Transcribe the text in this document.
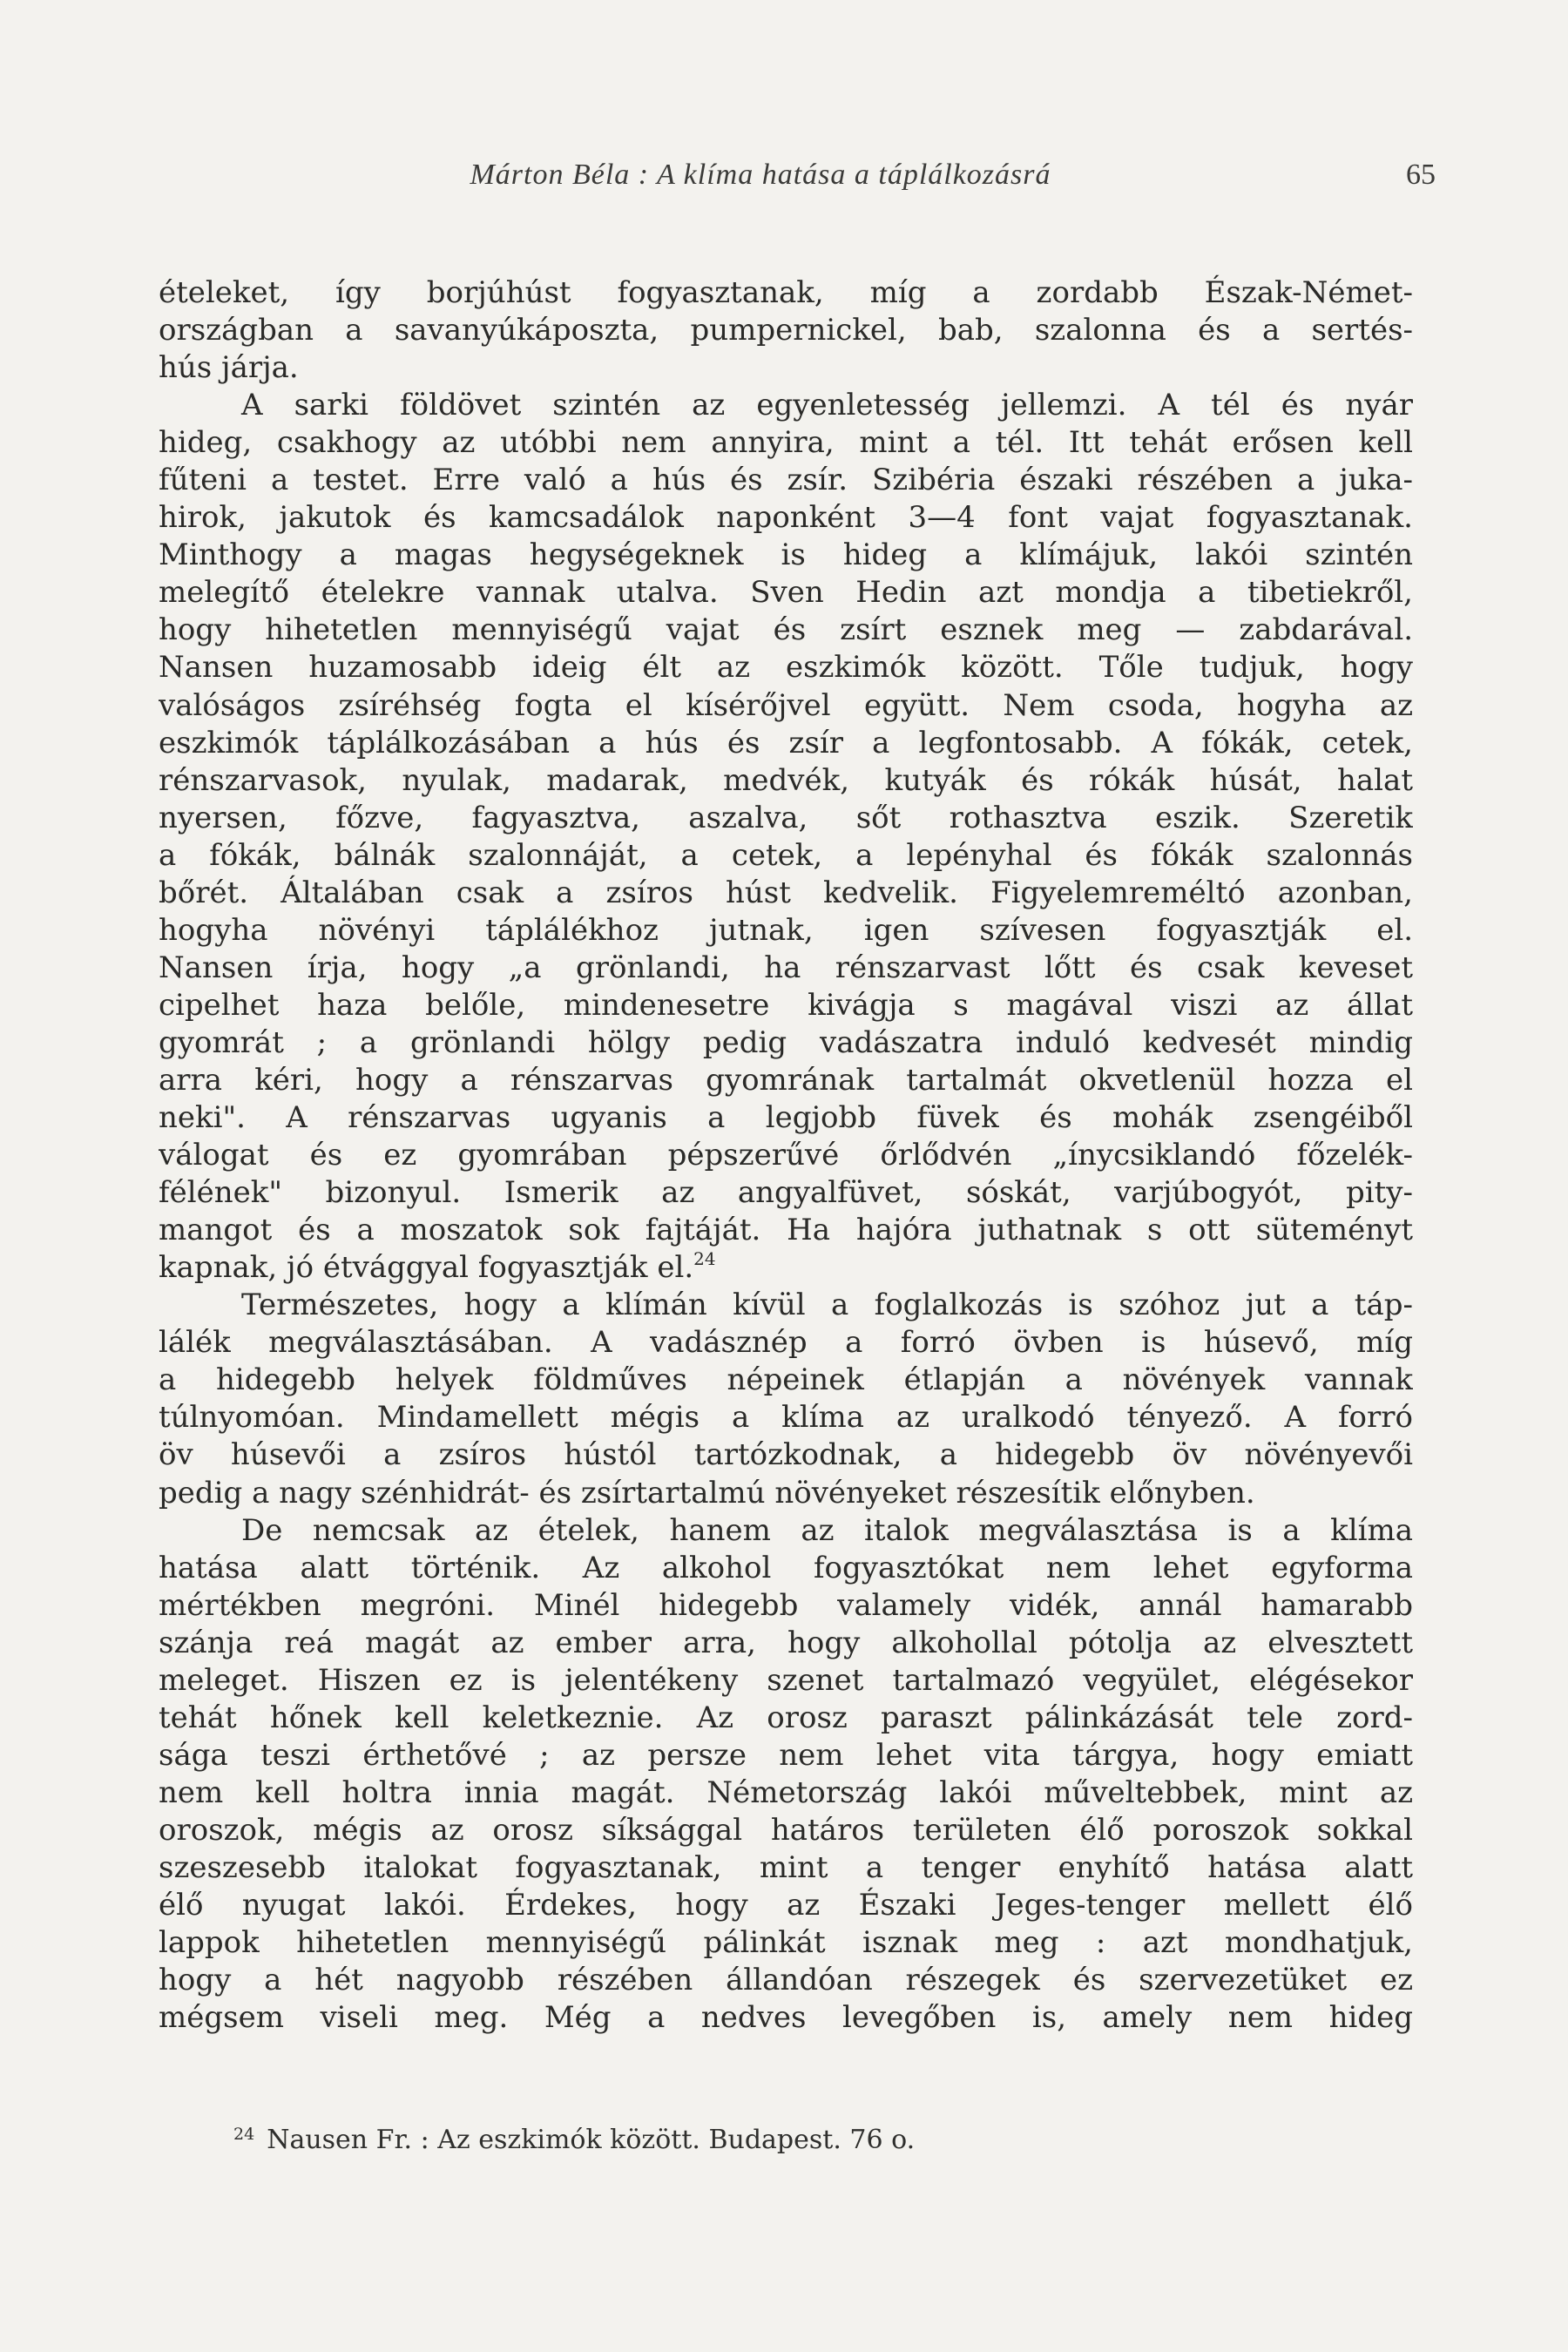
Márton Béla : A klíma hatása a táplálkozásrá	65
ételeket, így borjúhúst fogyasztanak, míg a zordabb Észak-Német-
országban a savanyúkáposzta, pumpernickel, bab, szalonna és a sertés-
hús járja.
A sarki földövet szintén az egyenletesség jellemzi. A tél és nyár
hideg, csakhogy az utóbbi nem annyira, mint a tél. Itt tehát erősen kell
fűteni a testet. Erre való a hús és zsír. Szibéria északi részében a juka-
hirok, jakutok és kamcsadálok naponként 3—4 font vajat fogyasztanak.
Minthogy a magas hegységeknek is hideg a klímájuk, lakói szintén
melegítő ételekre vannak utalva. Sven Hedin azt mondja a tibetiekről,
hogy hihetetlen mennyiségű vajat és zsírt esznek meg — zabdarával.
Nansen huzamosabb ideig élt az eszkimók között. Tőle tudjuk, hogy
valóságos zsíréhség fogta el kísérőjvel együtt. Nem csoda, hogyha az
eszkimók táplálkozásában a hús és zsír a legfontosabb. A fókák, cetek,
rénszarvasok, nyulak, madarak, medvék, kutyák és rókák húsát, halat
nyersen, főzve, fagyasztva, aszalva, sőt rothasztva eszik. Szeretik
a fókák, bálnák szalonnáját, a cetek, a lepényhal és fókák szalonnás
bőrét. Általában csak a zsíros húst kedvelik. Figyelemreméltó azonban,
hogyha növényi táplálékhoz jutnak, igen szívesen fogyasztják el.
Nansen írja, hogy „a grönlandi, ha rénszarvast lőtt és csak keveset
cipelhet haza belőle, mindenesetre kivágja s magával viszi az állat
gyomrát ; a grönlandi hölgy pedig vadászatra induló kedvesét mindig
arra kéri, hogy a rénszarvas gyomrának tartalmát okvetlenül hozza el
neki". A rénszarvas ugyanis a legjobb füvek és mohák zsengéiből
válogat és ez gyomrában pépszerűvé őrlődvén „ínycsiklandó főzelék-
félének" bizonyul. Ismerik az angyalfüvet, sóskát, varjúbogyót, pity-
mangot és a moszatok sok fajtáját. Ha hajóra juthatnak s ott süteményt
kapnak, jó étvággyal fogyasztják el.$^{24}$
Természetes, hogy a klímán kívül a foglalkozás is szóhoz jut a táp-
lálék megválasztásában. A vadásznép a forró övben is húsevő, míg
a hidegebb helyek földműves népeinek étlapján a növények vannak
túlnyomóan. Mindamellett mégis a klíma az uralkodó tényező. A forró
öv húsevői a zsíros hústól tartózkodnak, a hidegebb öv növényevői
pedig a nagy szénhidrát- és zsírtartalmú növényeket részesítik előnyben.
De nemcsak az ételek, hanem az italok megválasztása is a klíma
hatása alatt történik. Az alkohol fogyasztókat nem lehet egyforma
mértékben megróni. Minél hidegebb valamely vidék, annál hamarabb
szánja reá magát az ember arra, hogy alkohollal pótolja az elvesztett
meleget. Hiszen ez is jelentékeny szenet tartalmazó vegyület, elégésekor
tehát hőnek kell keletkeznie. Az orosz paraszt pálinkázását tele zord-
sága teszi érthetővé ; az persze nem lehet vita tárgya, hogy emiatt
nem kell holtra innia magát. Németország lakói műveltebbek, mint az
oroszok, mégis az orosz síksággal határos területen élő poroszok sokkal
szeszesebb italokat fogyasztanak, mint a tenger enyhítő hatása alatt
élő nyugat lakói. Érdekes, hogy az Északi Jeges-tenger mellett élő
lappok hihetetlen mennyiségű pálinkát isznak meg : azt mondhatjuk,
hogy a hét nagyobb részében állandóan részegek és szervezetüket ez
mégsem viseli meg. Még a nedves levegőben is, amely nem hideg
$^{24}$ Nausen Fr. : Az eszkimók között. Budapest. 76 o.
